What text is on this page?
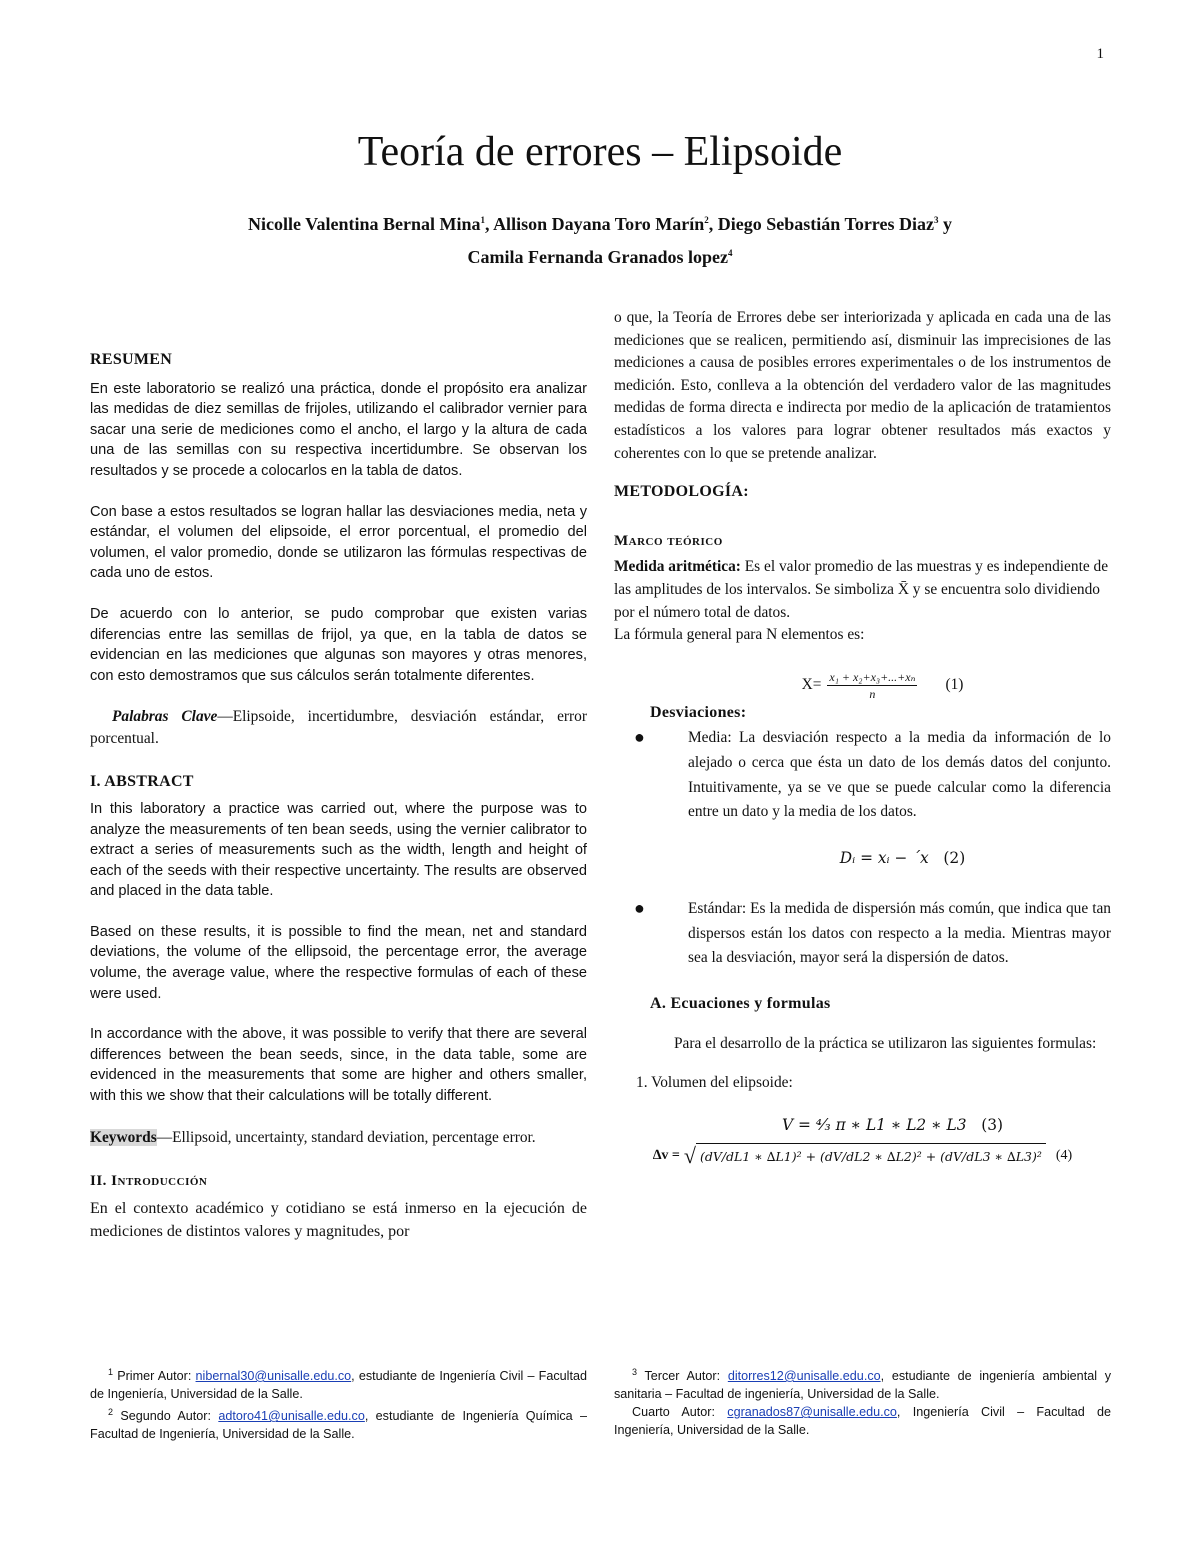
1
Teoría de errores – Elipsoide
Nicolle Valentina Bernal Mina$^1$, Allison Dayana Toro Marín$^2$, Diego Sebastián Torres Diaz$^3$ y
Camila Fernanda Granados lopez$^4$
RESUMEN

En este laboratorio se realizó una práctica, donde el propósito era analizar las medidas de diez semillas de frijoles, utilizando el calibrador vernier para sacar una serie de mediciones como el ancho, el largo y la altura de cada una de las semillas con su respectiva incertidumbre. Se observan los resultados y se procede a colocarlos en la tabla de datos.

Con base a estos resultados se logran hallar las desviaciones media, neta y estándar, el volumen del elipsoide, el error porcentual, el promedio del volumen, el valor promedio, donde se utilizaron las fórmulas respectivas de cada uno de estos.

De acuerdo con lo anterior, se pudo comprobar que existen varias diferencias entre las semillas de frijol, ya que, en la tabla de datos se evidencian en las mediciones que algunas son mayores y otras menores, con esto demostramos que sus cálculos serán totalmente diferentes.

Palabras Clave—Elipsoide, incertidumbre, desviación estándar, error porcentual.

I. ABSTRACT

In this laboratory a practice was carried out, where the purpose was to analyze the measurements of ten bean seeds, using the vernier calibrator to extract a series of measurements such as the width, length and height of each of the seeds with their respective uncertainty. The results are observed and placed in the data table.

Based on these results, it is possible to find the mean, net and standard deviations, the volume of the ellipsoid, the percentage error, the average volume, the average value, where the respective formulas of each of these were used.

In accordance with the above, it was possible to verify that there are several differences between the bean seeds, since, in the data table, some are evidenced in the measurements that some are higher and others smaller, with this we show that their calculations will be totally different.

Keywords—Ellipsoid, uncertainty, standard deviation, percentage error.

II. Introducción

En el contexto académico y cotidiano se está inmerso en la ejecución de mediciones de distintos valores y magnitudes, por

o que, la Teoría de Errores debe ser interiorizada y aplicada en cada una de las mediciones que se realicen, permitiendo así, disminuir las imprecisiones de las mediciones a causa de posibles errores experimentales o de los instrumentos de medición. Esto, conlleva a la obtención del verdadero valor de las magnitudes medidas de forma directa e indirecta por medio de la aplicación de tratamientos estadísticos a los valores para lograr obtener resultados más exactos y coherentes con lo que se pretende analizar.

METODOLOGÍA:
Marco teórico

Medida aritmética: Es el valor promedio de las muestras y es independiente de las amplitudes de los intervalos. Se simboliza X̄ y se encuentra solo dividiendo por el número total de datos.

La fórmula general para N elementos es:

$X= \frac{\text{x₁ + x₂+x₃+...+xₙ}}{n} (1)$
Desviaciones:
●	Media: La desviación respecto a la media da información de lo alejado o cerca que ésta un dato de los demás datos del conjunto. Intuitivamente, ya se ve que se puede calcular como la diferencia entre un dato y la media de los datos.

Dᵢ = xᵢ − ´x (2)
●	Estándar: Es la medida de dispersión más común, que indica que tan dispersos están los datos con respecto a la media. Mientras mayor sea la desviación, mayor será la dispersión de datos.

A. Ecuaciones y formulas

Para el desarrollo de la práctica se utilizaron las siguientes formulas:

1. Volumen del elipsoide:
V = ⁴⁄₃ π ∗ L1 ∗ L2 ∗ L3 (3)
∆v = √ (dV/dL1 ∗ ∆L1)² + (dV/dL2 ∗ ∆L2)² + (dV/dL3 ∗ ∆L3)² (4)

$^1$ Primer Autor: nibernal30@unisalle.edu.co, estudiante de Ingeniería Civil – Facultad de Ingeniería, Universidad de la Salle.

$^2$ Segundo Autor: adtoro41@unisalle.edu.co, estudiante de Ingeniería Química – Facultad de Ingeniería, Universidad de la Salle.

$^3$ Tercer Autor: ditorres12@unisalle.edu.co, estudiante de ingeniería ambiental y sanitaria – Facultad de ingeniería, Universidad de la Salle.

Cuarto Autor: cgranados87@unisalle.edu.co, Ingeniería Civil – Facultad de Ingeniería, Universidad de la Salle.
